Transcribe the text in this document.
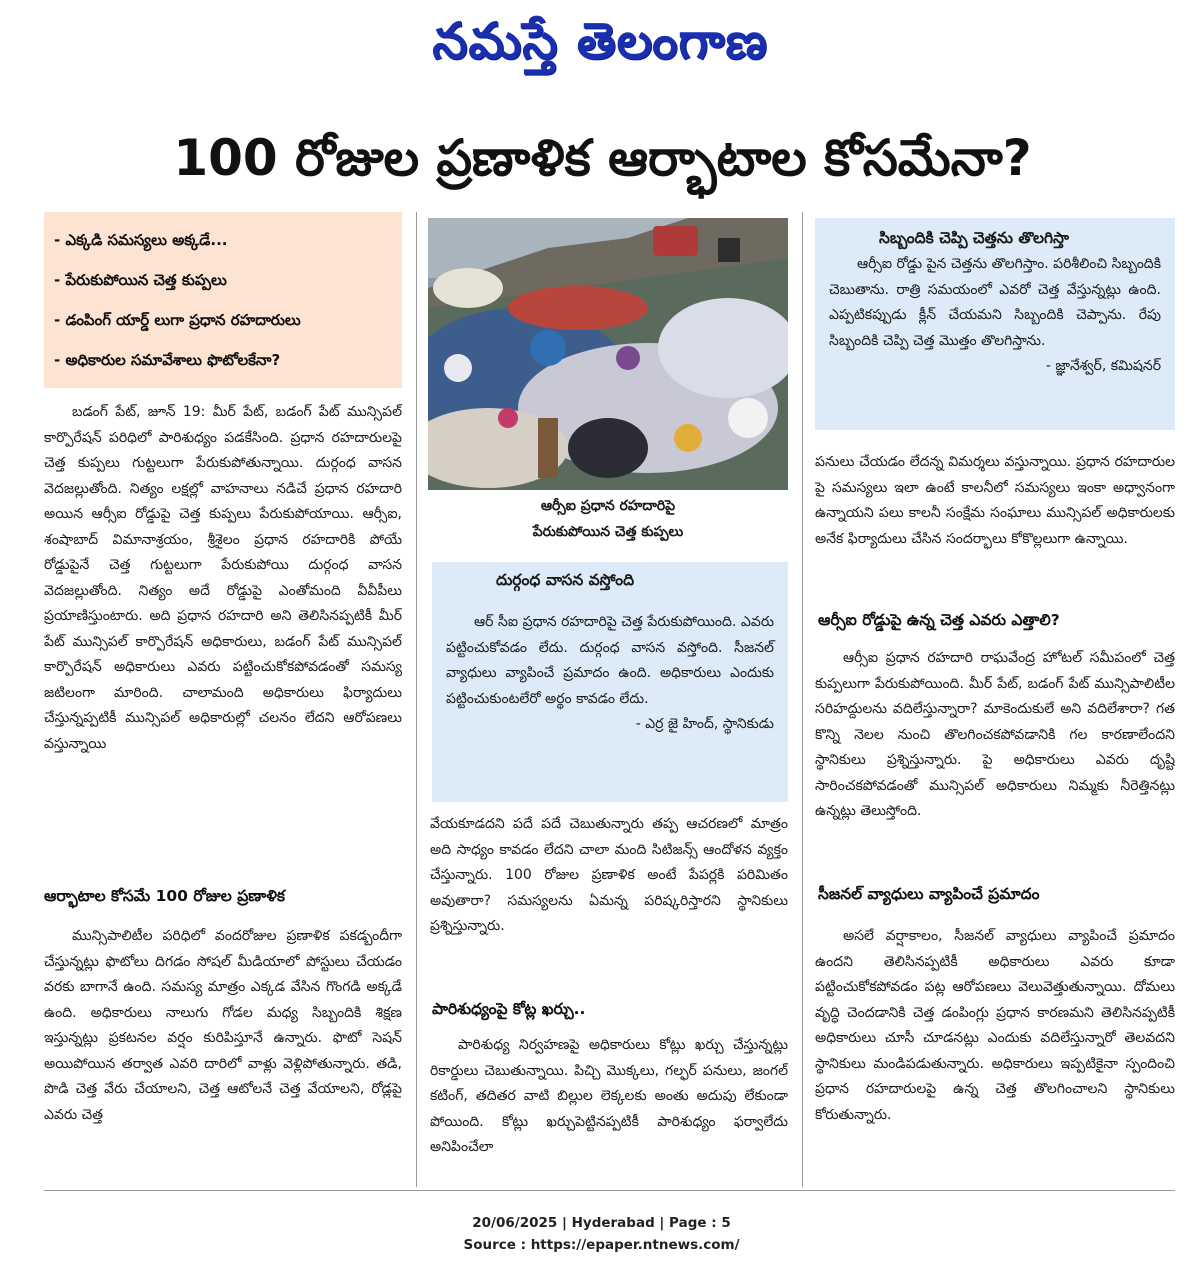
నమస్తే తెలంగాణ
100 రోజుల ప్రణాళిక ఆర్భాటాల కోసమేనా?
- ఎక్కడి సమస్యలు అక్కడే...
- పేరుకుపోయిన చెత్త కుప్పలు
- డంపింగ్ యార్డ్ లుగా ప్రధాన రహదారులు
- అధికారుల సమావేశాలు ఫొటోలకేనా?

బడంగ్ పేట్, జూన్ 19: మీర్ పేట్, బడంగ్ పేట్ మున్సిపల్ కార్పొరేషన్ పరిధిలో పారిశుధ్యం పడకేసింది. ప్రధాన రహదారులపై చెత్త కుప్పలు గుట్టలుగా పేరుకుపోతున్నాయి. దుర్గంధ వాసన వెదజల్లుతోంది. నిత్యం లక్షల్లో వాహనాలు నడిచే ప్రధాన రహదారి అయిన ఆర్సీఐ రోడ్డుపై చెత్త కుప్పలు పేరుకుపోయాయి. ఆర్సీఐ, శంషాబాద్ విమానాశ్రయం, శ్రీశైలం ప్రధాన రహదారికి పోయే రోడ్డుపైనే చెత్త గుట్టలుగా పేరుకుపోయి దుర్గంధ వాసన వెదజల్లుతోంది. నిత్యం అదే రోడ్డుపై ఎంతోమంది వీవీపీలు ప్రయాణిస్తుంటారు. అది ప్రధాన రహదారి అని తెలిసినప్పటికీ మీర్ పేట్ మున్సిపల్ కార్పొరేషన్ అధికారులు, బడంగ్ పేట్ మున్సిపల్ కార్పొరేషన్ అధికారులు ఎవరు పట్టించుకోకపోవడంతో సమస్య జటిలంగా మారింది. చాలామంది అధికారులు ఫిర్యాదులు చేస్తున్నప్పటికీ మున్సిపల్ అధికారుల్లో చలనం లేదని ఆరోపణలు వస్తున్నాయి

ఆర్భాటాల కోసమే 100 రోజుల ప్రణాళిక

మున్సిపాలిటీల పరిధిలో వందరోజుల ప్రణాళిక పకడ్బందీగా చేస్తున్నట్లు ఫొటోలు దిగడం సోషల్ మీడియాలో పోస్టులు చేయడం వరకు బాగానే ఉంది. సమస్య మాత్రం ఎక్కడ వేసిన గొంగడి అక్కడే ఉంది. అధికారులు నాలుగు గోడల మధ్య సిబ్బందికి శిక్షణ ఇస్తున్నట్లు ప్రకటనల వర్షం కురిపిస్తూనే ఉన్నారు. ఫొటో సెషన్ అయిపోయిన తర్వాత ఎవరి దారిలో వాళ్లు వెళ్లిపోతున్నారు. తడి, పొడి చెత్త వేరు చేయాలని, చెత్త ఆటోలనే చెత్త వేయాలని, రోడ్లపై ఎవరు చెత్త

ఆర్సీఐ ప్రధాన రహదారిపై
పేరుకుపోయిన చెత్త కుప్పలు
దుర్గంధ వాసన వస్తోంది

ఆర్ సీఐ ప్రధాన రహదారిపై చెత్త పేరుకుపోయింది. ఎవరు పట్టించుకోవడం లేదు. దుర్గంధ వాసన వస్తోంది. సీజనల్ వ్యాధులు వ్యాపించే ప్రమాదం ఉంది. అధికారులు ఎందుకు పట్టించుకుంటలేరో అర్థం కావడం లేదు.

- ఎర్ర జై హింద్, స్థానికుడు

వేయకూడదని పదే పదే చెబుతున్నారు తప్ప ఆచరణలో మాత్రం అది సాధ్యం కావడం లేదని చాలా మంది సిటిజన్స్ ఆందోళన వ్యక్తం చేస్తున్నారు. 100 రోజుల ప్రణాళిక అంటే పేపర్లకి పరిమితం అవుతారా? సమస్యలను ఏమన్న పరిష్కరిస్తారని స్థానికులు ప్రశ్నిస్తున్నారు.

పారిశుధ్యంపై కోట్ల ఖర్చు..

పారిశుధ్య నిర్వహణపై అధికారులు కోట్లు ఖర్చు చేస్తున్నట్లు రికార్డులు చెబుతున్నాయి. పిచ్చి మొక్కలు, గల్ఫర్ పనులు, జంగల్ కటింగ్, తదితర వాటి బిల్లుల లెక్కలకు అంతు అదుపు లేకుండా పోయింది. కోట్లు ఖర్చుపెట్టినప్పటికీ పారిశుధ్యం ఫర్వాలేదు అనిపించేలా

సిబ్బందికి చెప్పి చెత్తను తొలగిస్తా

ఆర్సీఐ రోడ్డు పైన చెత్తను తొలగిస్తాం. పరిశీలించి సిబ్బందికి చెబుతాను. రాత్రి సమయంలో ఎవరో చెత్త వేస్తున్నట్లు ఉంది. ఎప్పటికప్పుడు క్లీన్ చేయమని సిబ్బందికి చెప్పాను. రేపు సిబ్బందికి చెప్పి చెత్త మొత్తం తొలగిస్తాను.

- జ్ఞానేశ్వర్, కమిషనర్

పనులు చేయడం లేదన్న విమర్శలు వస్తున్నాయి. ప్రధాన రహదారుల పై సమస్యలు ఇలా ఉంటే కాలనీలో సమస్యలు ఇంకా అధ్వానంగా ఉన్నాయని పలు కాలనీ సంక్షేమ సంఘాలు మున్సిపల్ అధికారులకు అనేక ఫిర్యాదులు చేసిన సందర్భాలు కోకొల్లలుగా ఉన్నాయి.

ఆర్సీఐ రోడ్డుపై ఉన్న చెత్త ఎవరు ఎత్తాలి?

ఆర్సీఐ ప్రధాన రహదారి రాఘవేంద్ర హోటల్ సమీపంలో చెత్త కుప్పలుగా పేరుకుపోయింది. మీర్ పేట్, బడంగ్ పేట్ మున్సిపాలిటీల సరిహద్దులను వదిలేస్తున్నారా? మాకెందుకులే అని వదిలేశారా? గత కొన్ని నెలల నుంచి తొలగించకపోవడానికి గల కారణాలేందని స్థానికులు ప్రశ్నిస్తున్నారు. పై అధికారులు ఎవరు దృష్టి సారించకపోవడంతో మున్సిపల్ అధికారులు నిమ్మకు నీరెత్తినట్లు ఉన్నట్లు తెలుస్తోంది.

సీజనల్ వ్యాధులు వ్యాపించే ప్రమాదం

అసలే వర్షాకాలం, సీజనల్ వ్యాధులు వ్యాపించే ప్రమాదం ఉందని తెలిసినప్పటికీ అధికారులు ఎవరు కూడా పట్టించుకోకపోవడం పట్ల ఆరోపణలు వెలువెత్తుతున్నాయి. దోమలు వృద్ధి చెందడానికి చెత్త డంపింగ్లు ప్రధాన కారణమని తెలిసినప్పటికీ అధికారులు చూసీ చూడనట్లు ఎందుకు వదిలేస్తున్నారో తెలవదని స్థానికులు మండిపడుతున్నారు. అధికారులు ఇప్పటికైనా స్పందించి ప్రధాన రహదారులపై ఉన్న చెత్త తొలగించాలని స్థానికులు కోరుతున్నారు.

20/06/2025 | Hyderabad | Page : 5
Source : https://epaper.ntnews.com/
